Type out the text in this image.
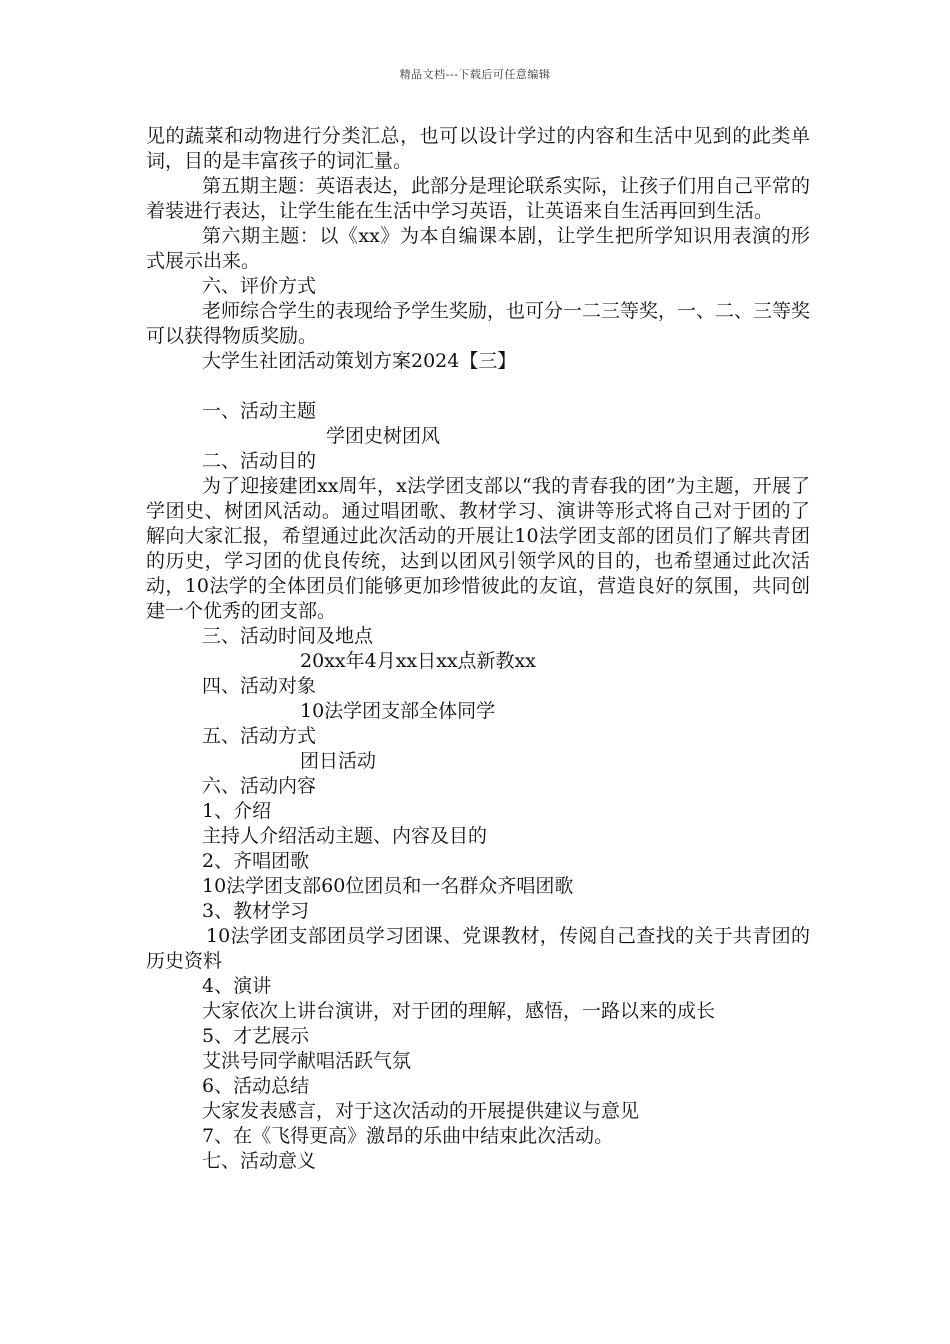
精品文档---下载后可任意编辑

见的蔬菜和动物进行分类汇总，也可以设计学过的内容和生活中见到的此类单词，目的是丰富孩子的词汇量。

第五期主题：英语表达，此部分是理论联系实际，让孩子们用自己平常的着装进行表达，让学生能在生活中学习英语，让英语来自生活再回到生活。

第六期主题：以《xx》为本自编课本剧，让学生把所学知识用表演的形式展示出来。

六、评价方式

老师综合学生的表现给予学生奖励，也可分一二三等奖，一、二、三等奖可以获得物质奖励。

大学生社团活动策划方案2024【三】

一、活动主题

学团史树团风

二、活动目的

为了迎接建团xx周年，x法学团支部以“我的青春我的团”为主题，开展了学团史、树团风活动。通过唱团歌、教材学习、演讲等形式将自己对于团的了解向大家汇报，希望通过此次活动的开展让10法学团支部的团员们了解共青团的历史，学习团的优良传统，达到以团风引领学风的目的，也希望通过此次活动，10法学的全体团员们能够更加珍惜彼此的友谊，营造良好的氛围，共同创建一个优秀的团支部。

三、活动时间及地点

20xx年4月xx日xx点新教xx

四、活动对象

10法学团支部全体同学

五、活动方式

团日活动

六、活动内容

1、介绍

主持人介绍活动主题、内容及目的

2、齐唱团歌

10法学团支部60位团员和一名群众齐唱团歌

3、教材学习

10法学团支部团员学习团课、党课教材，传阅自己查找的关于共青团的历史资料

4、演讲

大家依次上讲台演讲，对于团的理解，感悟，一路以来的成长

5、才艺展示

艾洪号同学献唱活跃气氛

6、活动总结

大家发表感言，对于这次活动的开展提供建议与意见

7、在《飞得更高》激昂的乐曲中结束此次活动。

七、活动意义
